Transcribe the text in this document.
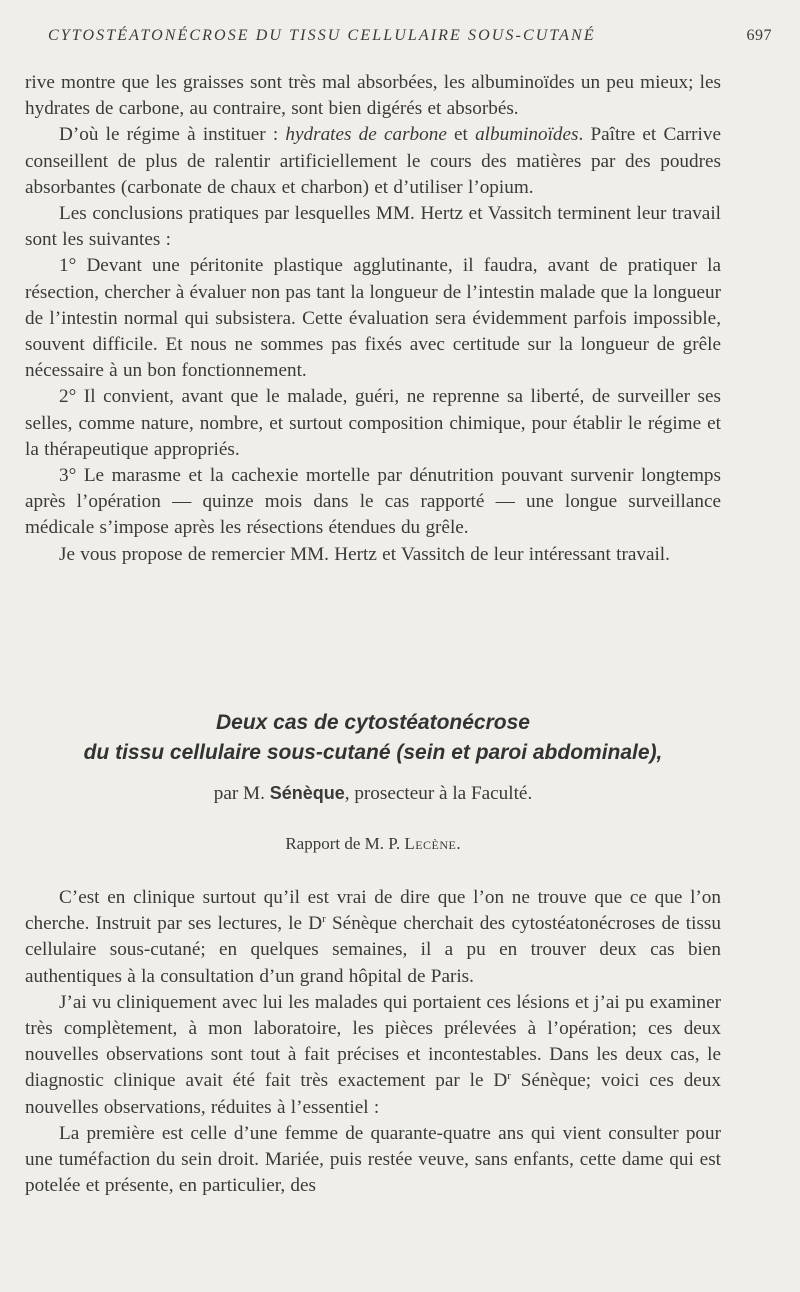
CYTOSTÉATONÉCROSE DU TISSU CELLULAIRE SOUS-CUTANÉ	697

rive montre que les graisses sont très mal absorbées, les albuminoïdes un peu mieux; les hydrates de carbone, au contraire, sont bien digérés et absorbés.

D’où le régime à instituer : hydrates de carbone et albuminoïdes. Paître et Carrive conseillent de plus de ralentir artificiellement le cours des matières par des poudres absorbantes (carbonate de chaux et charbon) et d’utiliser l’opium.

Les conclusions pratiques par lesquelles MM. Hertz et Vassitch terminent leur travail sont les suivantes :

1° Devant une péritonite plastique agglutinante, il faudra, avant de pratiquer la résection, chercher à évaluer non pas tant la longueur de l’intestin malade que la longueur de l’intestin normal qui subsistera. Cette évaluation sera évidemment parfois impossible, souvent difficile. Et nous ne sommes pas fixés avec certitude sur la longueur de grêle nécessaire à un bon fonctionnement.

2° Il convient, avant que le malade, guéri, ne reprenne sa liberté, de surveiller ses selles, comme nature, nombre, et surtout composition chimique, pour établir le régime et la thérapeutique appropriés.

3° Le marasme et la cachexie mortelle par dénutrition pouvant survenir longtemps après l’opération — quinze mois dans le cas rapporté — une longue surveillance médicale s’impose après les résections étendues du grêle.

Je vous propose de remercier MM. Hertz et Vassitch de leur intéressant travail.

Deux cas de cytostéatonécrose
du tissu cellulaire sous-cutané (sein et paroi abdominale),
par M. Sénèque, prosecteur à la Faculté.
Rapport de M. P. Lecène.

C’est en clinique surtout qu’il est vrai de dire que l’on ne trouve que ce que l’on cherche. Instruit par ses lectures, le $D^r$ Sénèque cherchait des cytostéatonécroses de tissu cellulaire sous-cutané; en quelques semaines, il a pu en trouver deux cas bien authentiques à la consultation d’un grand hôpital de Paris.

J’ai vu cliniquement avec lui les malades qui portaient ces lésions et j’ai pu examiner très complètement, à mon laboratoire, les pièces prélevées à l’opération; ces deux nouvelles observations sont tout à fait précises et incontestables. Dans les deux cas, le diagnostic clinique avait été fait très exactement par le $D^r$ Sénèque; voici ces deux nouvelles observations, réduites à l’essentiel :

La première est celle d’une femme de quarante-quatre ans qui vient consulter pour une tuméfaction du sein droit. Mariée, puis restée veuve, sans enfants, cette dame qui est potelée et présente, en particulier, des
